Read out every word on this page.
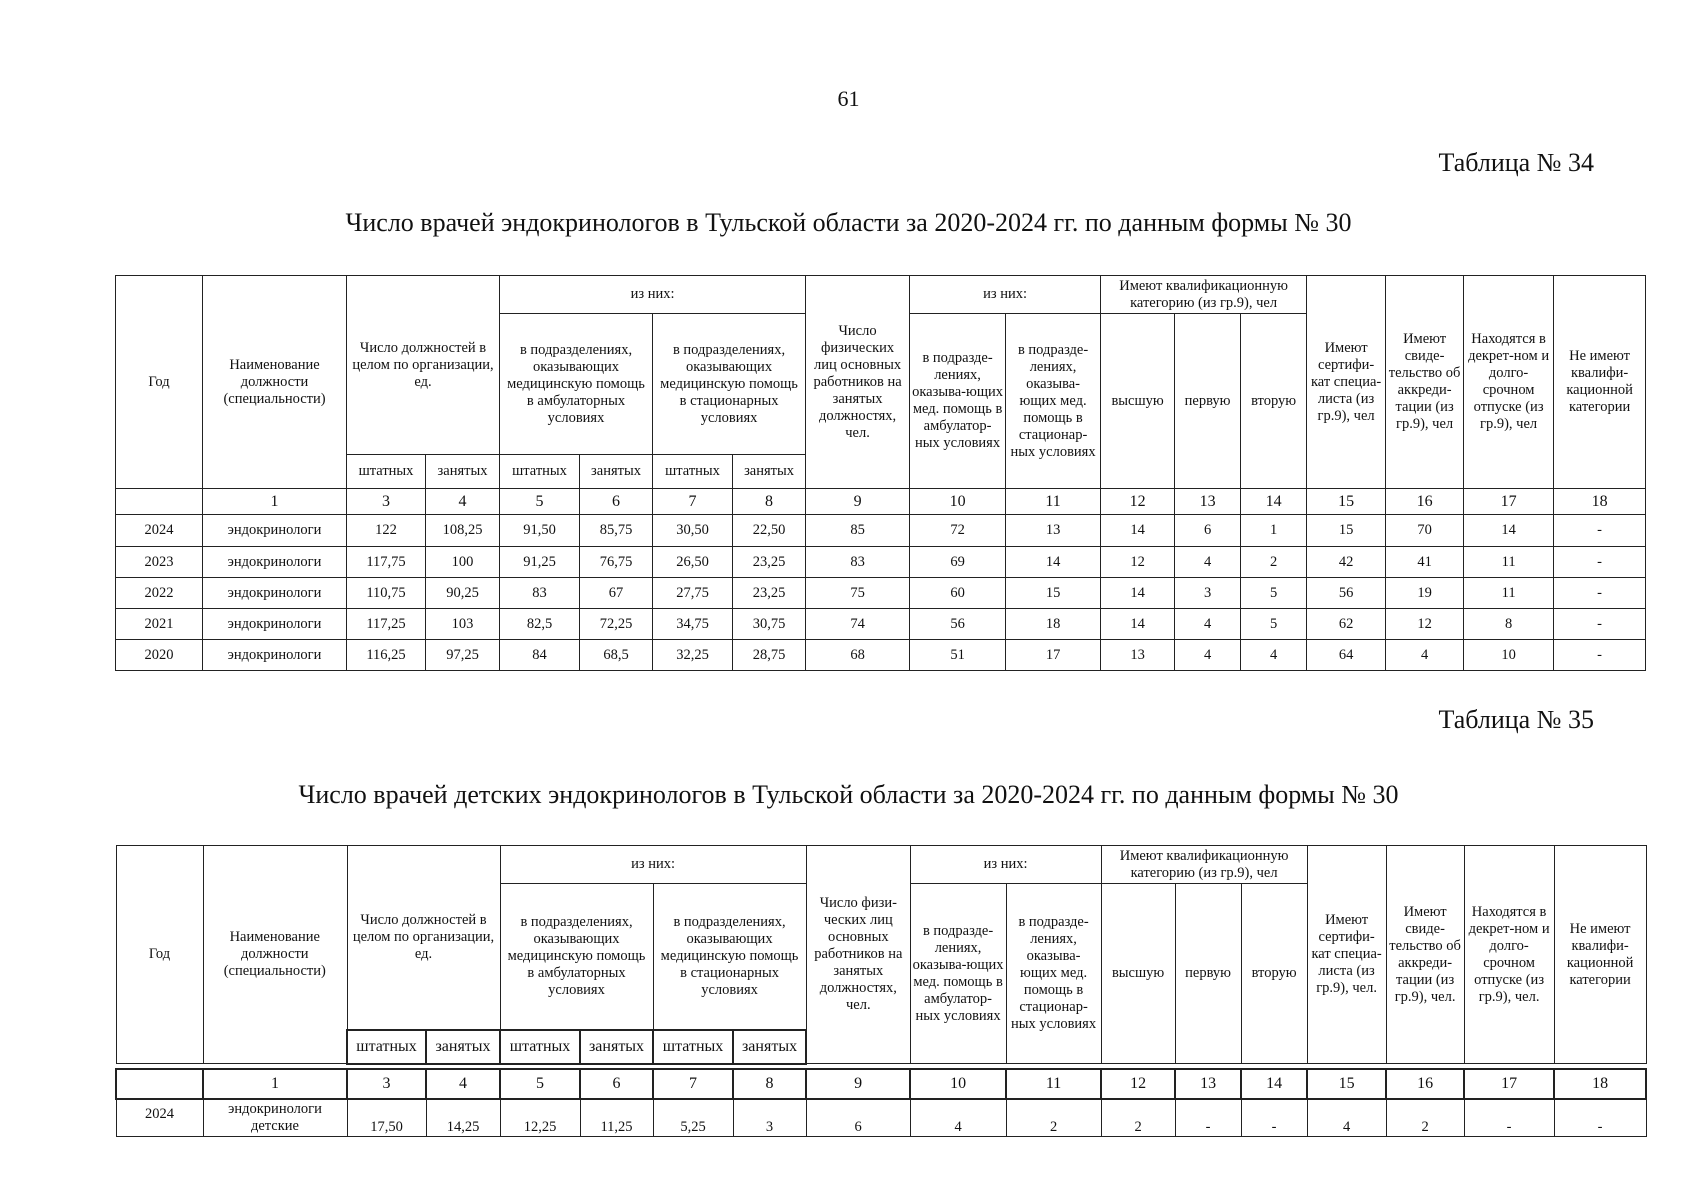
61
Таблица № 34
Число врачей эндокринологов в Тульской области за 2020-2024 гг. по данным формы № 30
Год	Наименование должности (специальности)	Число должностей в целом по организации, ед.		из них:				Число физических лиц основных работников на занятых должностях, чел.	из них:		Имеют квалификационную категорию (из гр.9), чел			Имеют сертифи-кат специа-листа (из гр.9), чел	Имеют свиде-тельство об аккреди-тации (из гр.9), чел	Находятся в декрет-ном и долго-срочном отпуске (из гр.9), чел	Не имеют квалифи-кационной категории
				в подразделениях, оказывающих медицинскую помощь в амбулаторных условиях		в подразделениях, оказывающих медицинскую помощь в стационарных условиях			в подразде-лениях, оказыва-ющих мед. помощь в амбулатор-ных условиях	в подразде-лениях, оказыва-ющих мед. помощь в стационар-ных условиях	высшую	первую	вторую				
		штатных	занятых	штатных	занятых	штатных	занятых										
	1	3	4	5	6	7	8	9	10	11	12	13	14	15	16	17	18
2024	эндокринологи	122	108,25	91,50	85,75	30,50	22,50	85	72	13	14	6	1	15	70	14	-
2023	эндокринологи	117,75	100	91,25	76,75	26,50	23,25	83	69	14	12	4	2	42	41	11	-
2022	эндокринологи	110,75	90,25	83	67	27,75	23,25	75	60	15	14	3	5	56	19	11	-
2021	эндокринологи	117,25	103	82,5	72,25	34,75	30,75	74	56	18	14	4	5	62	12	8	-
2020	эндокринологи	116,25	97,25	84	68,5	32,25	28,75	68	51	17	13	4	4	64	4	10	-
Таблица № 35
Число врачей детских эндокринологов в Тульской области за 2020-2024 гг. по данным формы № 30
Год	Наименование должности (специальности)	Число должностей в целом по организации, ед.		из них:				Число физи-ческих лиц основных работников на занятых должностях, чел.	из них:		Имеют квалификационную категорию (из гр.9), чел			Имеют сертифи-кат специа-листа (из гр.9), чел.	Имеют свиде-тельство об аккреди-тации (из гр.9), чел.	Находятся в декрет-ном и долго-срочном отпуске (из гр.9), чел.	Не имеют квалифи-кационной категории
				в подразделениях, оказывающих медицинскую помощь в амбулаторных условиях		в подразделениях, оказывающих медицинскую помощь в стационарных условиях			в подразде-лениях, оказыва-ющих мед. помощь в амбулатор-ных условиях	в подразде-лениях, оказыва-ющих мед. помощь в стационар-ных условиях	высшую	первую	вторую				
		штатных	занятых	штатных	занятых	штатных	занятых										

	1	3	4	5	6	7	8	9	10	11	12	13	14	15	16	17	18
2024	эндокринологи детские	17,50	14,25	12,25	11,25	5,25	3	6	4	2	2	-	-	4	2	-	-
